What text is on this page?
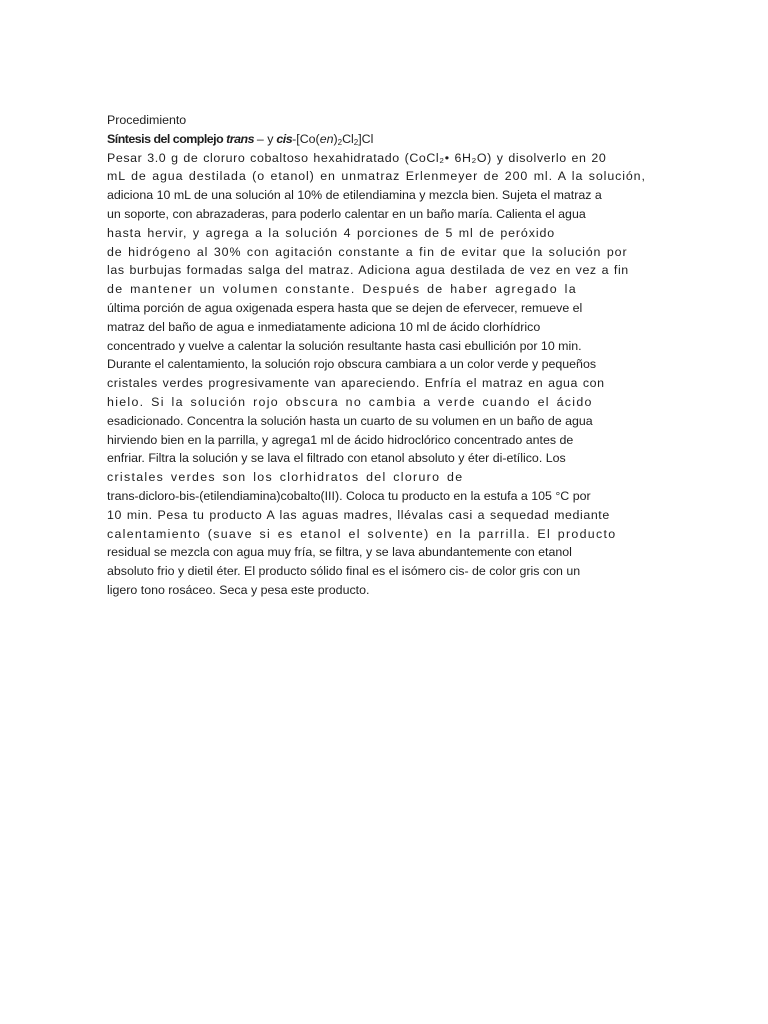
Procedimiento
Síntesis del complejo trans – y cis-$[Co(en)_2Cl_2]Cl$
Pesar 3.0 g de cloruro cobaltoso hexahidratado (CoCl₂• 6H₂O) y disolverlo en 20
mL de agua destilada (o etanol) en unmatraz Erlenmeyer de 200 ml. A la solución,
adiciona 10 mL de una solución al 10% de etilendiamina y mezcla bien. Sujeta el matraz a
un soporte, con abrazaderas, para poderlo calentar en un baño maría. Calienta el agua
hasta hervir, y agrega a la solución 4 porciones de 5 ml de peróxido
de hidrógeno al 30% con agitación constante a fin de evitar que la solución por
las burbujas formadas salga del matraz. Adiciona agua destilada de vez en vez a fin
de mantener un volumen constante. Después de haber agregado la
última porción de agua oxigenada espera hasta que se dejen de efervecer, remueve el
matraz del baño de agua e inmediatamente adiciona 10 ml de ácido clorhídrico
concentrado y vuelve a calentar la solución resultante hasta casi ebullición por 10 min.
Durante el calentamiento, la solución rojo obscura cambiara a un color verde y pequeños
cristales verdes progresivamente van apareciendo. Enfría el matraz en agua con
hielo. Si la solución rojo obscura no cambia a verde cuando el ácido
esadicionado. Concentra la solución hasta un cuarto de su volumen en un baño de agua
hirviendo bien en la parrilla, y agrega1 ml de ácido hidroclórico concentrado antes de
enfriar. Filtra la solución y se lava el filtrado con etanol absoluto y éter di-etílico. Los
cristales verdes son los clorhidratos del cloruro de
trans-dicloro-bis-(etilendiamina)cobalto(III). Coloca tu producto en la estufa a 105 °C por
10 min. Pesa tu producto A las aguas madres, llévalas casi a sequedad mediante
calentamiento (suave si es etanol el solvente) en la parrilla. El producto
residual se mezcla con agua muy fría, se filtra, y se lava abundantemente con etanol
absoluto frio y dietil éter. El producto sólido final es el isómero cis- de color gris con un
ligero tono rosáceo. Seca y pesa este producto.
